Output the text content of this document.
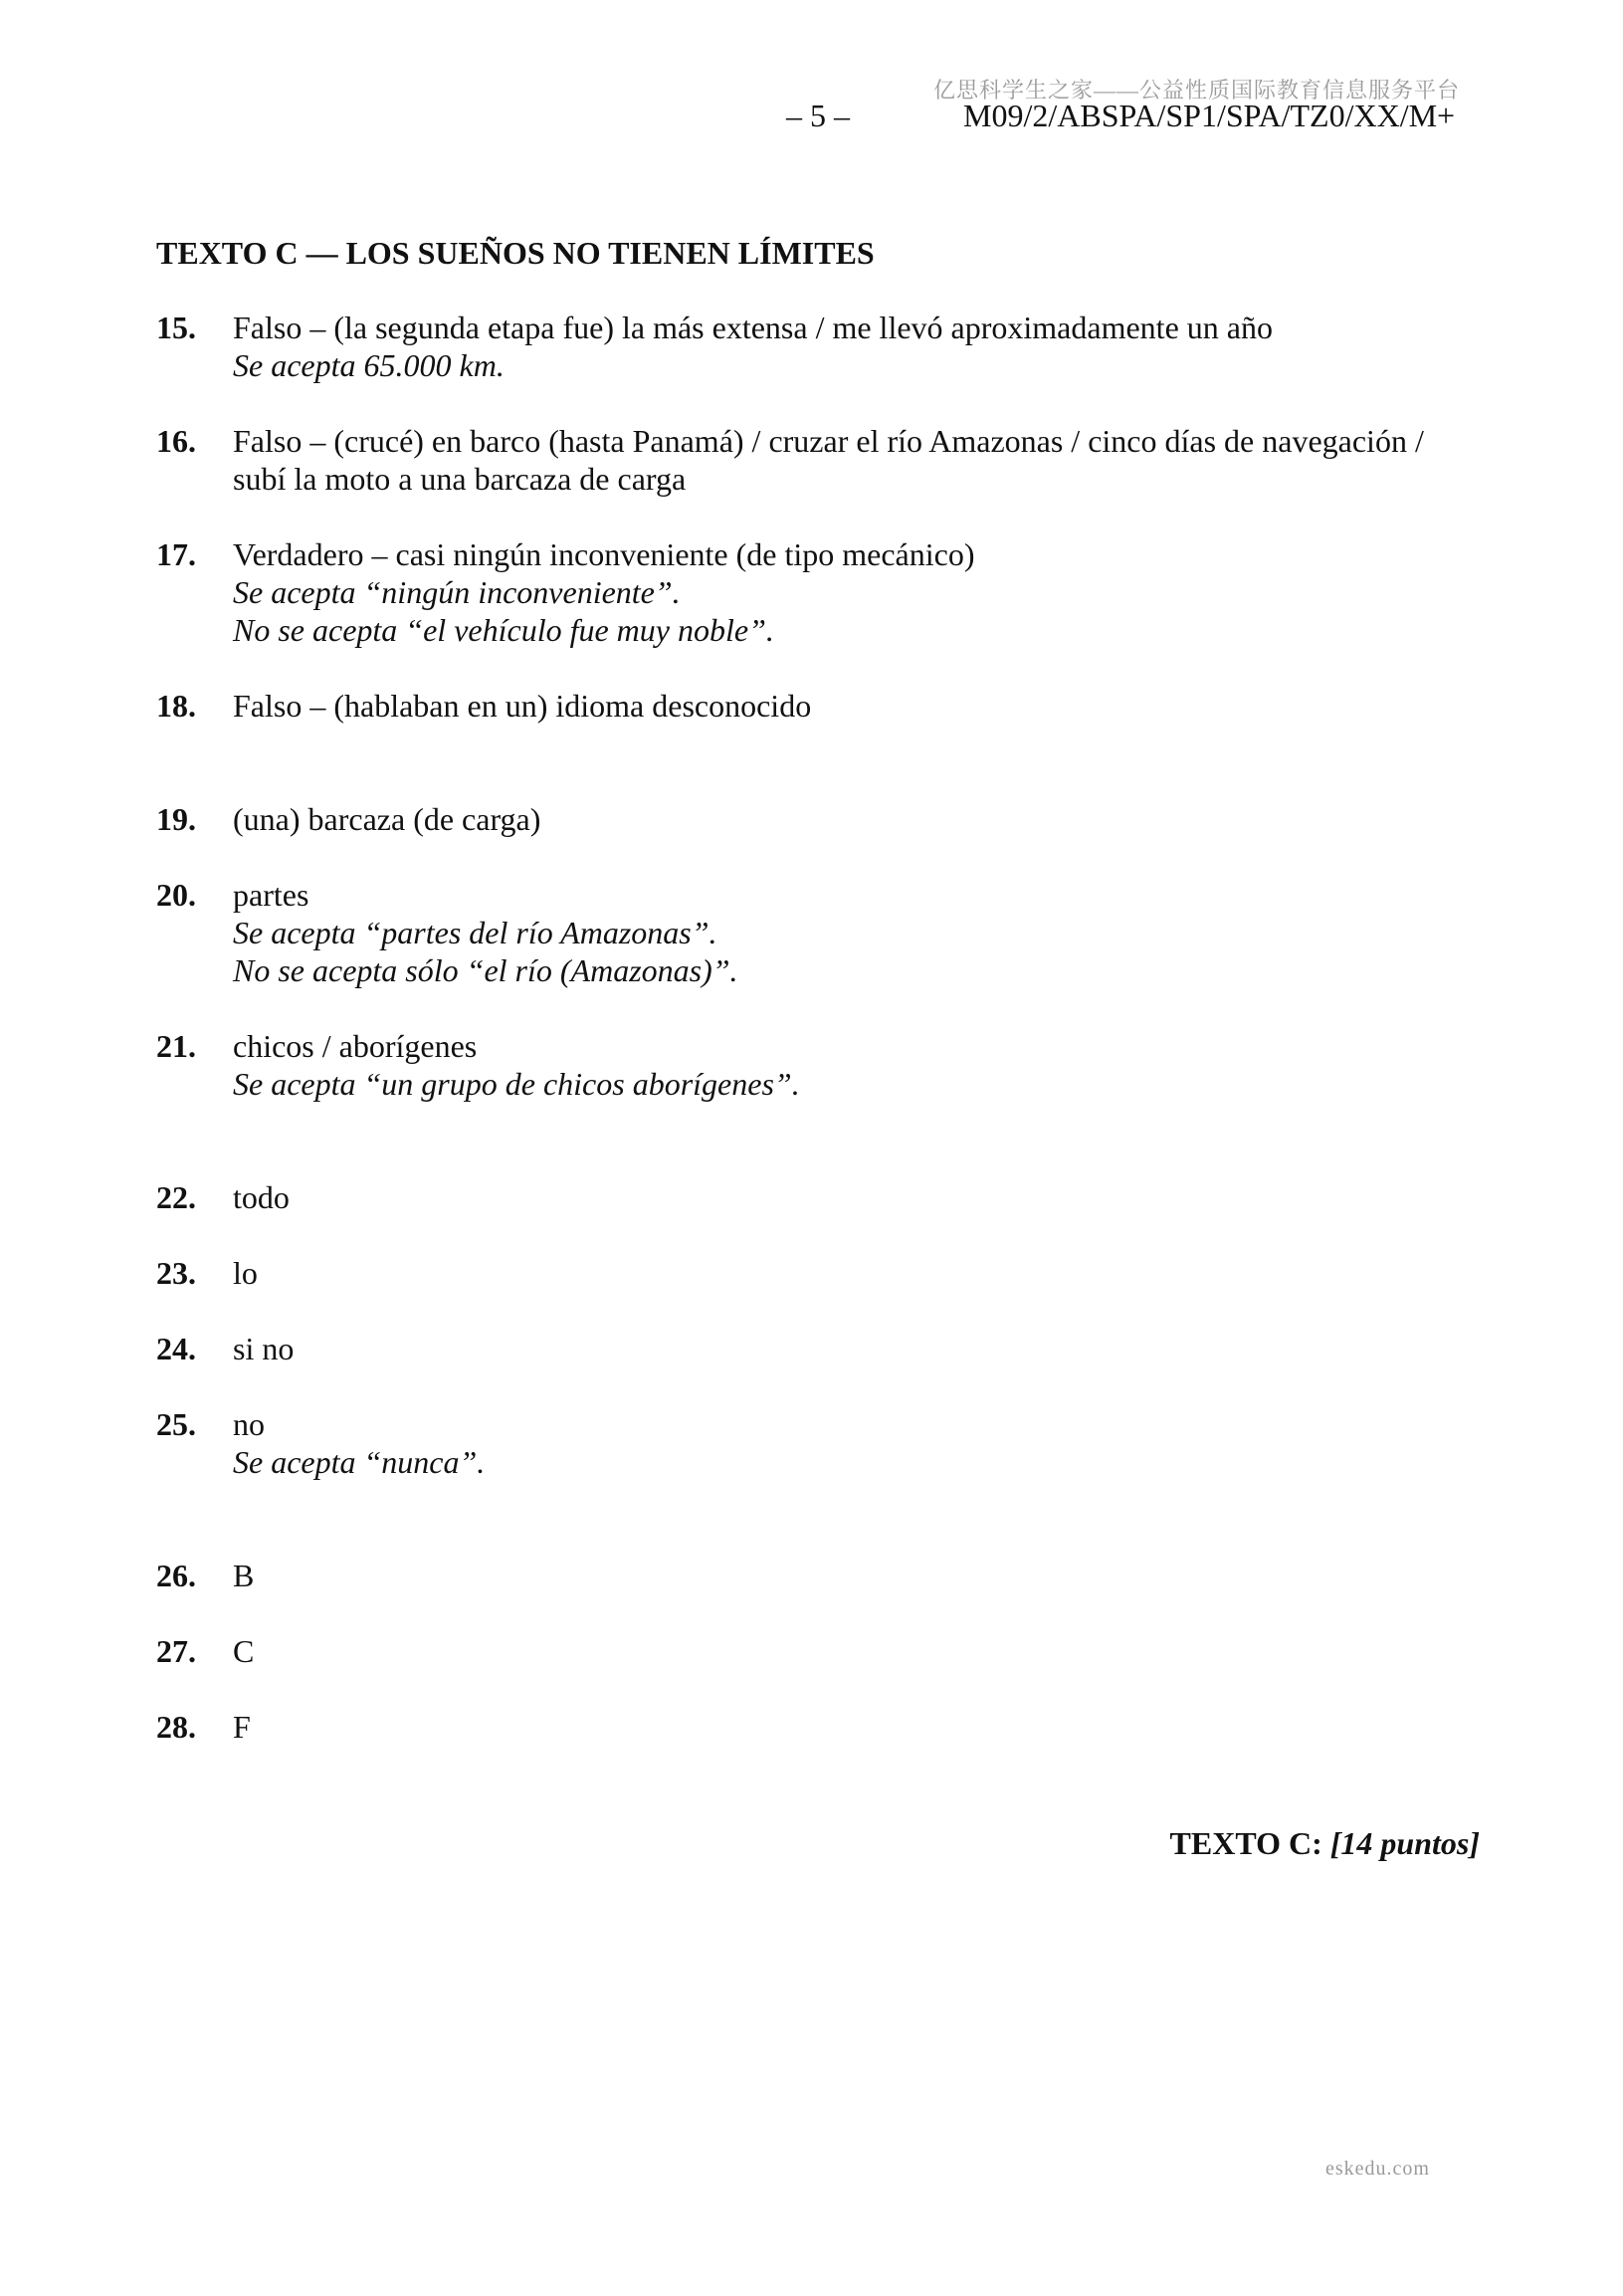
亿思科学生之家——公益性质国际教育信息服务平台
– 5 –	M09/2/ABSPA/SP1/SPA/TZ0/XX/M+
TEXTO C — LOS SUEÑOS NO TIENEN LÍMITES
15.	Falso – (la segunda etapa fue) la más extensa / me llevó aproximadamente un año
Se acepta 65.000 km.
16.	Falso – (crucé) en barco (hasta Panamá) / cruzar el río Amazonas / cinco días de navegación /
subí la moto a una barcaza de carga
17.	Verdadero – casi ningún inconveniente (de tipo mecánico)
Se acepta “ningún inconveniente”.
No se acepta “el vehículo fue muy noble”.
18.	Falso – (hablaban en un) idioma desconocido
19.	(una) barcaza (de carga)
20.	partes
Se acepta “partes del río Amazonas”.
No se acepta sólo “el río (Amazonas)”.
21.	chicos / aborígenes
Se acepta “un grupo de chicos aborígenes”.
22.	todo
23.	lo
24.	si no
25.	no
Se acepta “nunca”.
26.	B
27.	C
28.	F
TEXTO C: [14 puntos]
eskedu.com
